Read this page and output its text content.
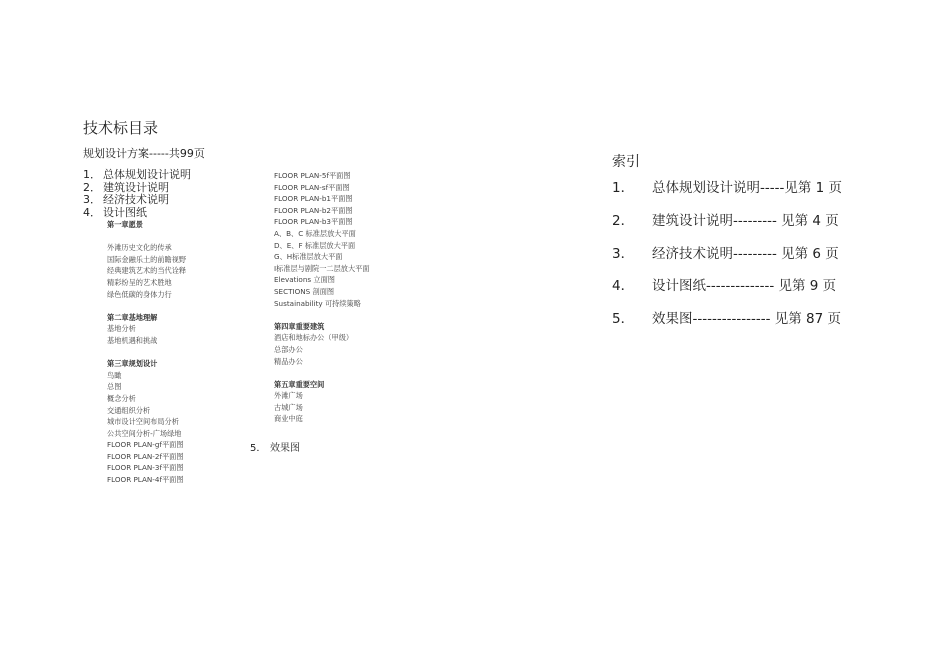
技术标目录
规划设计方案-----共99页
1． 总体规划设计说明
2． 建筑设计说明
3． 经济技术说明
4． 设计图纸
第一章愿景
外滩历史文化的传承
国际金融乐土的前瞻视野
经典建筑艺术的当代诠释
精彩纷呈的艺术胜地
绿色低碳的身体力行
第二章基地理解
基地分析
基地机遇和挑战
第三章规划设计
鸟瞰
总图
概念分析
交通组织分析
城市设计空间布局分析
公共空间分析-广场绿地
FLOOR PLAN-gf平面图
FLOOR PLAN-2f平面图
FLOOR PLAN-3f平面图
FLOOR PLAN-4f平面图
FLOOR PLAN-5f平面图
FLOOR PLAN-sf平面图
FLOOR PLAN-b1平面图
FLOOR PLAN-b2平面图
FLOOR PLAN-b3平面图
A、B、C 标准层放大平面
D、E、F 标准层放大平面
G、H标准层放大平面
I标准层与剧院一二层放大平面
Elevations 立面图
SECTIONS 剖面图
Sustainability 可持续策略
第四章重要建筑
酒店和地标办公（甲级）
总部办公
精品办公
第五章重要空间
外滩广场
古城广场
商业中庭
5． 效果图
索引
1． 总体规划设计说明-----见第 1 页
2． 建筑设计说明--------- 见第 4 页
3． 经济技术说明--------- 见第 6 页
4． 设计图纸-------------- 见第 9 页
5． 效果图---------------- 见第 87 页
